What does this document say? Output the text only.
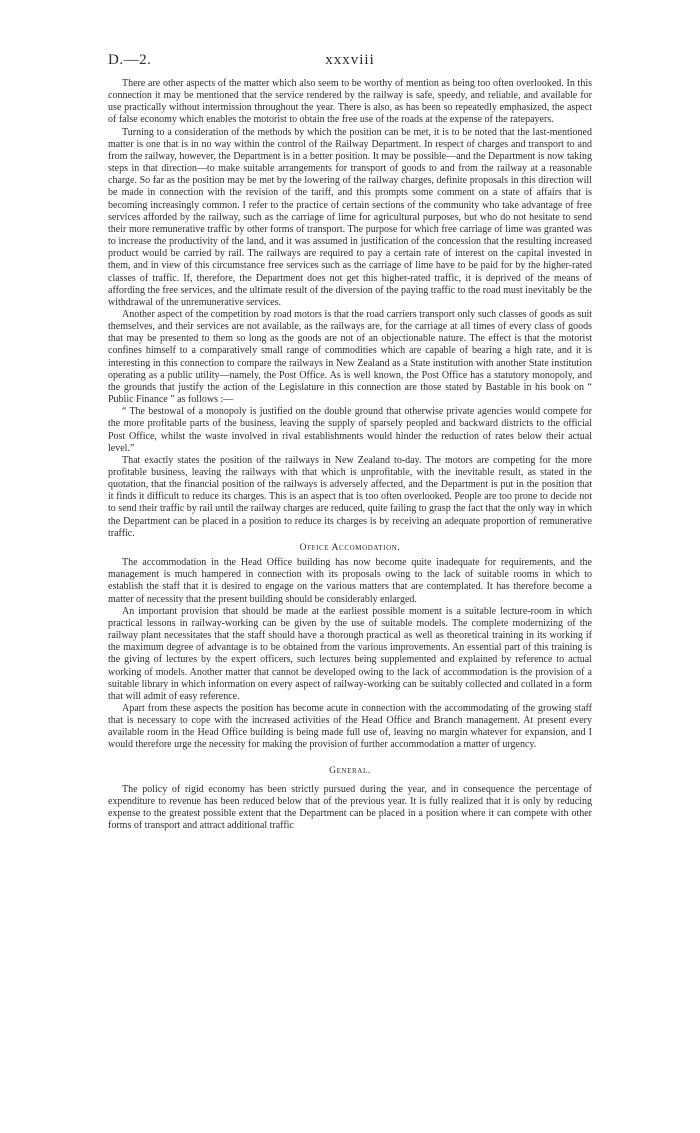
D.—2.	xxxviii

There are other aspects of the matter which also seem to be worthy of mention as being too often overlooked. In this connection it may be mentioned that the service rendered by the railway is safe, speedy, and reliable, and available for use practically without intermission throughout the year. There is also, as has been so repeatedly emphasized, the aspect of false economy which enables the motorist to obtain the free use of the roads at the expense of the ratepayers.

Turning to a consideration of the methods by which the position can be met, it is to be noted that the last-mentioned matter is one that is in no way within the control of the Railway Department. In respect of charges and transport to and from the railway, however, the Department is in a better position. It may be possible—and the Department is now taking steps in that direction—to make suitable arrangements for transport of goods to and from the railway at a reasonable charge. So far as the position may be met by the lowering of the railway charges, definite proposals in this direction will be made in connection with the revision of the tariff, and this prompts some comment on a state of affairs that is becoming increasingly common. I refer to the practice of certain sections of the community who take advantage of free services afforded by the railway, such as the carriage of lime for agricultural purposes, but who do not hesitate to send their more remunerative traffic by other forms of transport. The purpose for which free carriage of lime was granted was to increase the productivity of the land, and it was assumed in justification of the concession that the resulting increased product would be carried by rail. The railways are required to pay a certain rate of interest on the capital invested in them, and in view of this circumstance free services such as the carriage of lime have to be paid for by the higher-rated classes of traffic. If, therefore, the Department does not get this higher-rated traffic, it is deprived of the means of affording the free services, and the ultimate result of the diversion of the paying traffic to the road must inevitably be the withdrawal of the unremunerative services.

Another aspect of the competition by road motors is that the road carriers transport only such classes of goods as suit themselves, and their services are not available, as the railways are, for the carriage at all times of every class of goods that may be presented to them so long as the goods are not of an objectionable nature. The effect is that the motorist confines himself to a comparatively small range of commodities which are capable of bearing a high rate, and it is interesting in this connection to compare the railways in New Zealand as a State institution with another State institution operating as a public utility—namely, the Post Office. As is well known, the Post Office has a statutory monopoly, and the grounds that justify the action of the Legislature in this connection are those stated by Bastable in his book on “ Public Finance ” as follows :—

“ The bestowal of a monopoly is justified on the double ground that otherwise private agencies would compete for the more profitable parts of the business, leaving the supply of sparsely peopled and backward districts to the official Post Office, whilst the waste involved in rival establishments would hinder the reduction of rates below their actual level.”

That exactly states the position of the railways in New Zealand to-day. The motors are competing for the more profitable business, leaving the railways with that which is unprofitable, with the inevitable result, as stated in the quotation, that the financial position of the railways is adversely affected, and the Department is put in the position that it finds it difficult to reduce its charges. This is an aspect that is too often overlooked. People are too prone to decide not to send their traffic by rail until the railway charges are reduced, quite failing to grasp the fact that the only way in which the Department can be placed in a position to reduce its charges is by receiving an adequate proportion of remunerative traffic.

Office Accomodation.

The accommodation in the Head Office building has now become quite inadequate for requirements, and the management is much hampered in connection with its proposals owing to the lack of suitable rooms in which to establish the staff that it is desired to engage on the various matters that are contemplated. It has therefore become a matter of necessity that the present building should be considerably enlarged.

An important provision that should be made at the earliest possible moment is a suitable lecture-room in which practical lessons in railway-working can be given by the use of suitable models. The complete modernizing of the railway plant necessitates that the staff should have a thorough practical as well as theoretical training in its working if the maximum degree of advantage is to be obtained from the various improvements. An essential part of this training is the giving of lectures by the expert officers, such lectures being supplemented and explained by reference to actual working of models. Another matter that cannot be developed owing to the lack of accommodation is the provision of a suitable library in which information on every aspect of railway-working can be suitably collected and collated in a form that will admit of easy reference.

Apart from these aspects the position has become acute in connection with the accommodating of the growing staff that is necessary to cope with the increased activities of the Head Office and Branch management. At present every available room in the Head Office building is being made full use of, leaving no margin whatever for expansion, and I would therefore urge the necessity for making the provision of further accommodation a matter of urgency.

General.

The policy of rigid economy has been strictly pursued during the year, and in consequence the percentage of expenditure to revenue has been reduced below that of the previous year. It is fully realized that it is only by reducing expense to the greatest possible extent that the Department can be placed in a position where it can compete with other forms of transport and attract additional traffic
